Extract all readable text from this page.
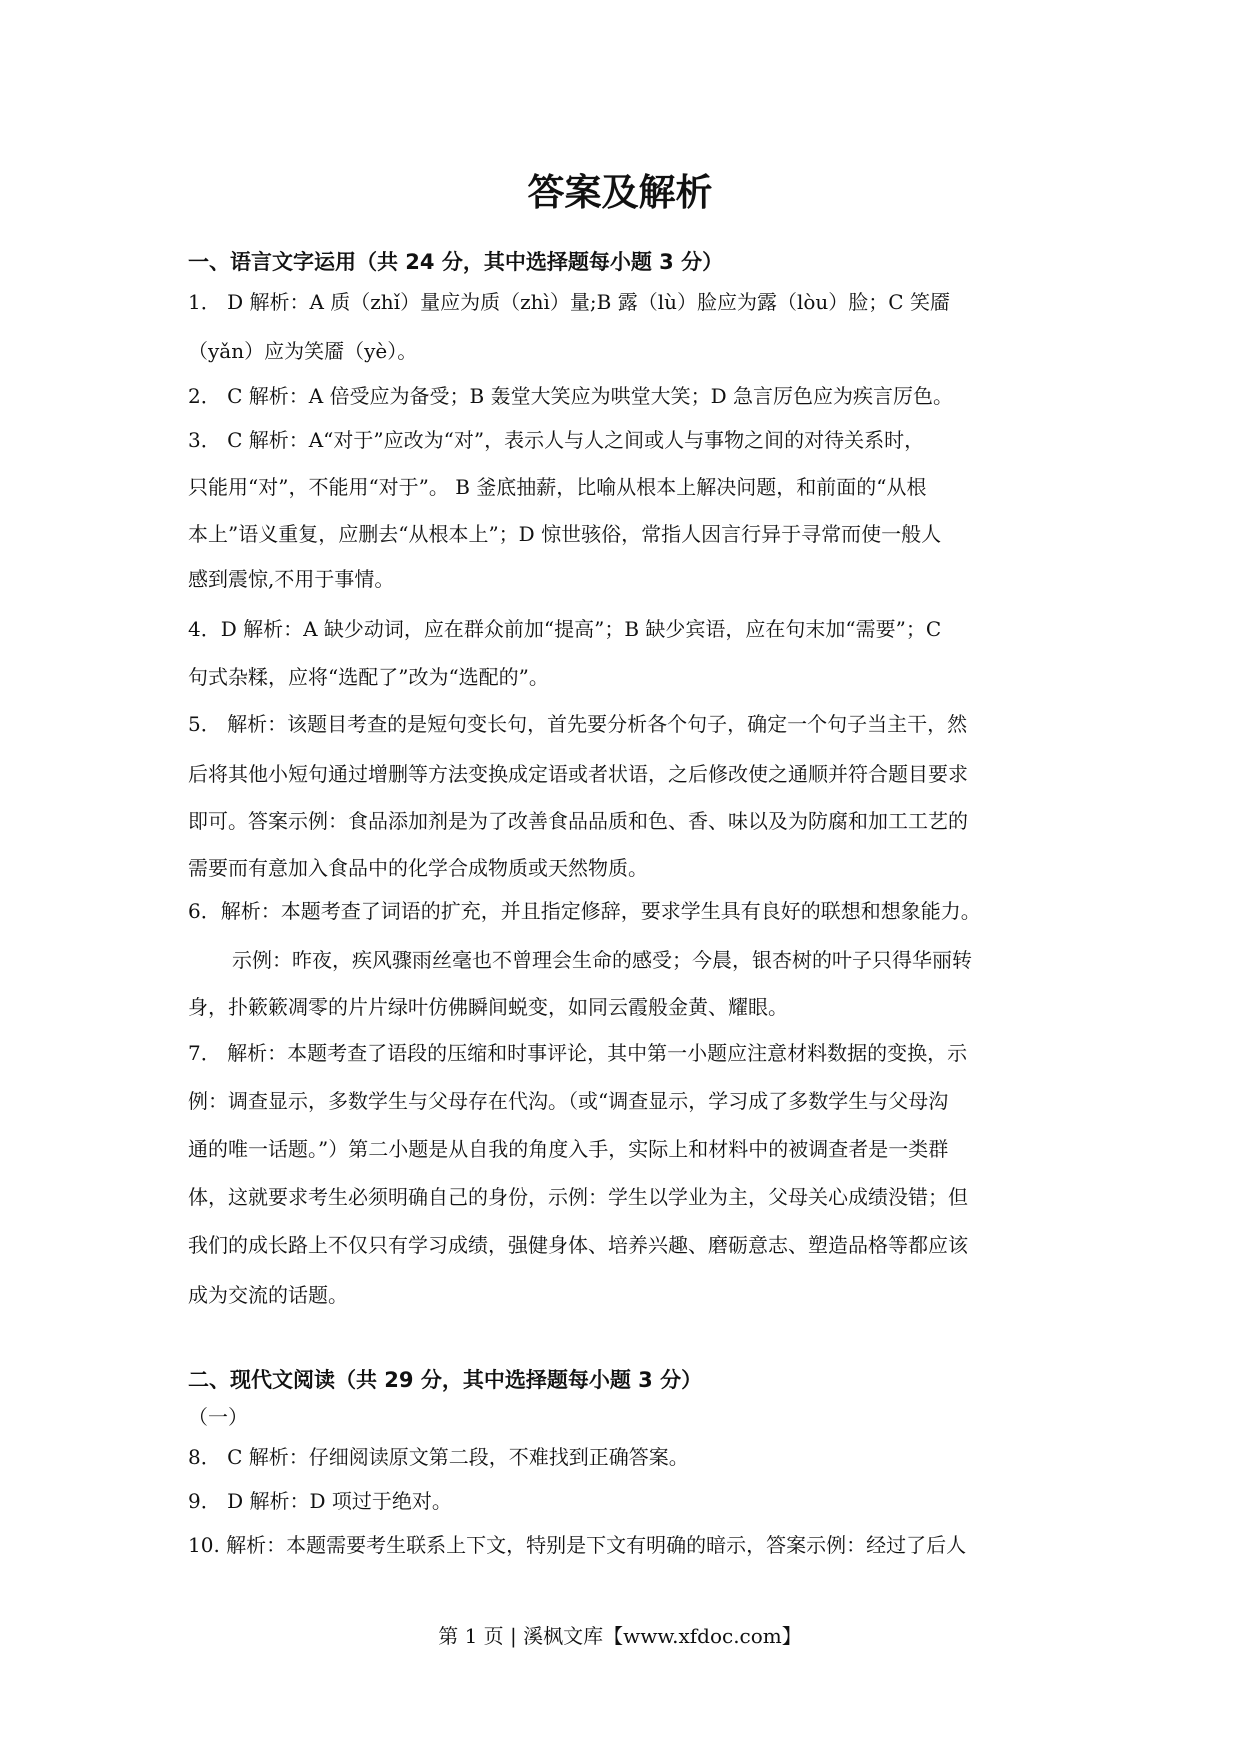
答案及解析
一、语言文字运用（共 24 分，其中选择题每小题 3 分）
1． D 解析：A 质（zhǐ）量应为质（zhì）量;B 露（lù）脸应为露（lòu）脸；C 笑靥
（yǎn）应为笑靥（yè）。
2． C 解析：A 倍受应为备受；B 轰堂大笑应为哄堂大笑；D 急言厉色应为疾言厉色。
3． C 解析：A“对于”应改为“对”，表示人与人之间或人与事物之间的对待关系时，
只能用“对”，不能用“对于”。 B 釜底抽薪，比喻从根本上解决问题，和前面的“从根
本上”语义重复，应删去“从根本上”；D 惊世骇俗，常指人因言行异于寻常而使一般人
感到震惊,不用于事情。
4．D 解析：A 缺少动词，应在群众前加“提高”；B 缺少宾语，应在句末加“需要”；C
句式杂糅，应将“选配了”改为“选配的”。
5． 解析：该题目考查的是短句变长句，首先要分析各个句子，确定一个句子当主干，然
后将其他小短句通过增删等方法变换成定语或者状语，之后修改使之通顺并符合题目要求
即可。答案示例：食品添加剂是为了改善食品品质和色、香、味以及为防腐和加工工艺的
需要而有意加入食品中的化学合成物质或天然物质。
6．解析：本题考查了词语的扩充，并且指定修辞，要求学生具有良好的联想和想象能力。
示例：昨夜，疾风骤雨丝毫也不曾理会生命的感受；今晨，银杏树的叶子只得华丽转
身，扑簌簌凋零的片片绿叶仿佛瞬间蜕变，如同云霞般金黄、耀眼。
7． 解析：本题考查了语段的压缩和时事评论，其中第一小题应注意材料数据的变换，示
例：调查显示，多数学生与父母存在代沟。（或“调查显示，学习成了多数学生与父母沟
通的唯一话题。”）第二小题是从自我的角度入手，实际上和材料中的被调查者是一类群
体，这就要求考生必须明确自己的身份，示例：学生以学业为主，父母关心成绩没错；但
我们的成长路上不仅只有学习成绩，强健身体、培养兴趣、磨砺意志、塑造品格等都应该
成为交流的话题。
二、现代文阅读（共 29 分，其中选择题每小题 3 分）
（一）
8． C 解析：仔细阅读原文第二段，不难找到正确答案。
9． D 解析：D 项过于绝对。
10. 解析：本题需要考生联系上下文，特别是下文有明确的暗示，答案示例：经过了后人
第 1 页 | 溪枫文库【www.xfdoc.com】
